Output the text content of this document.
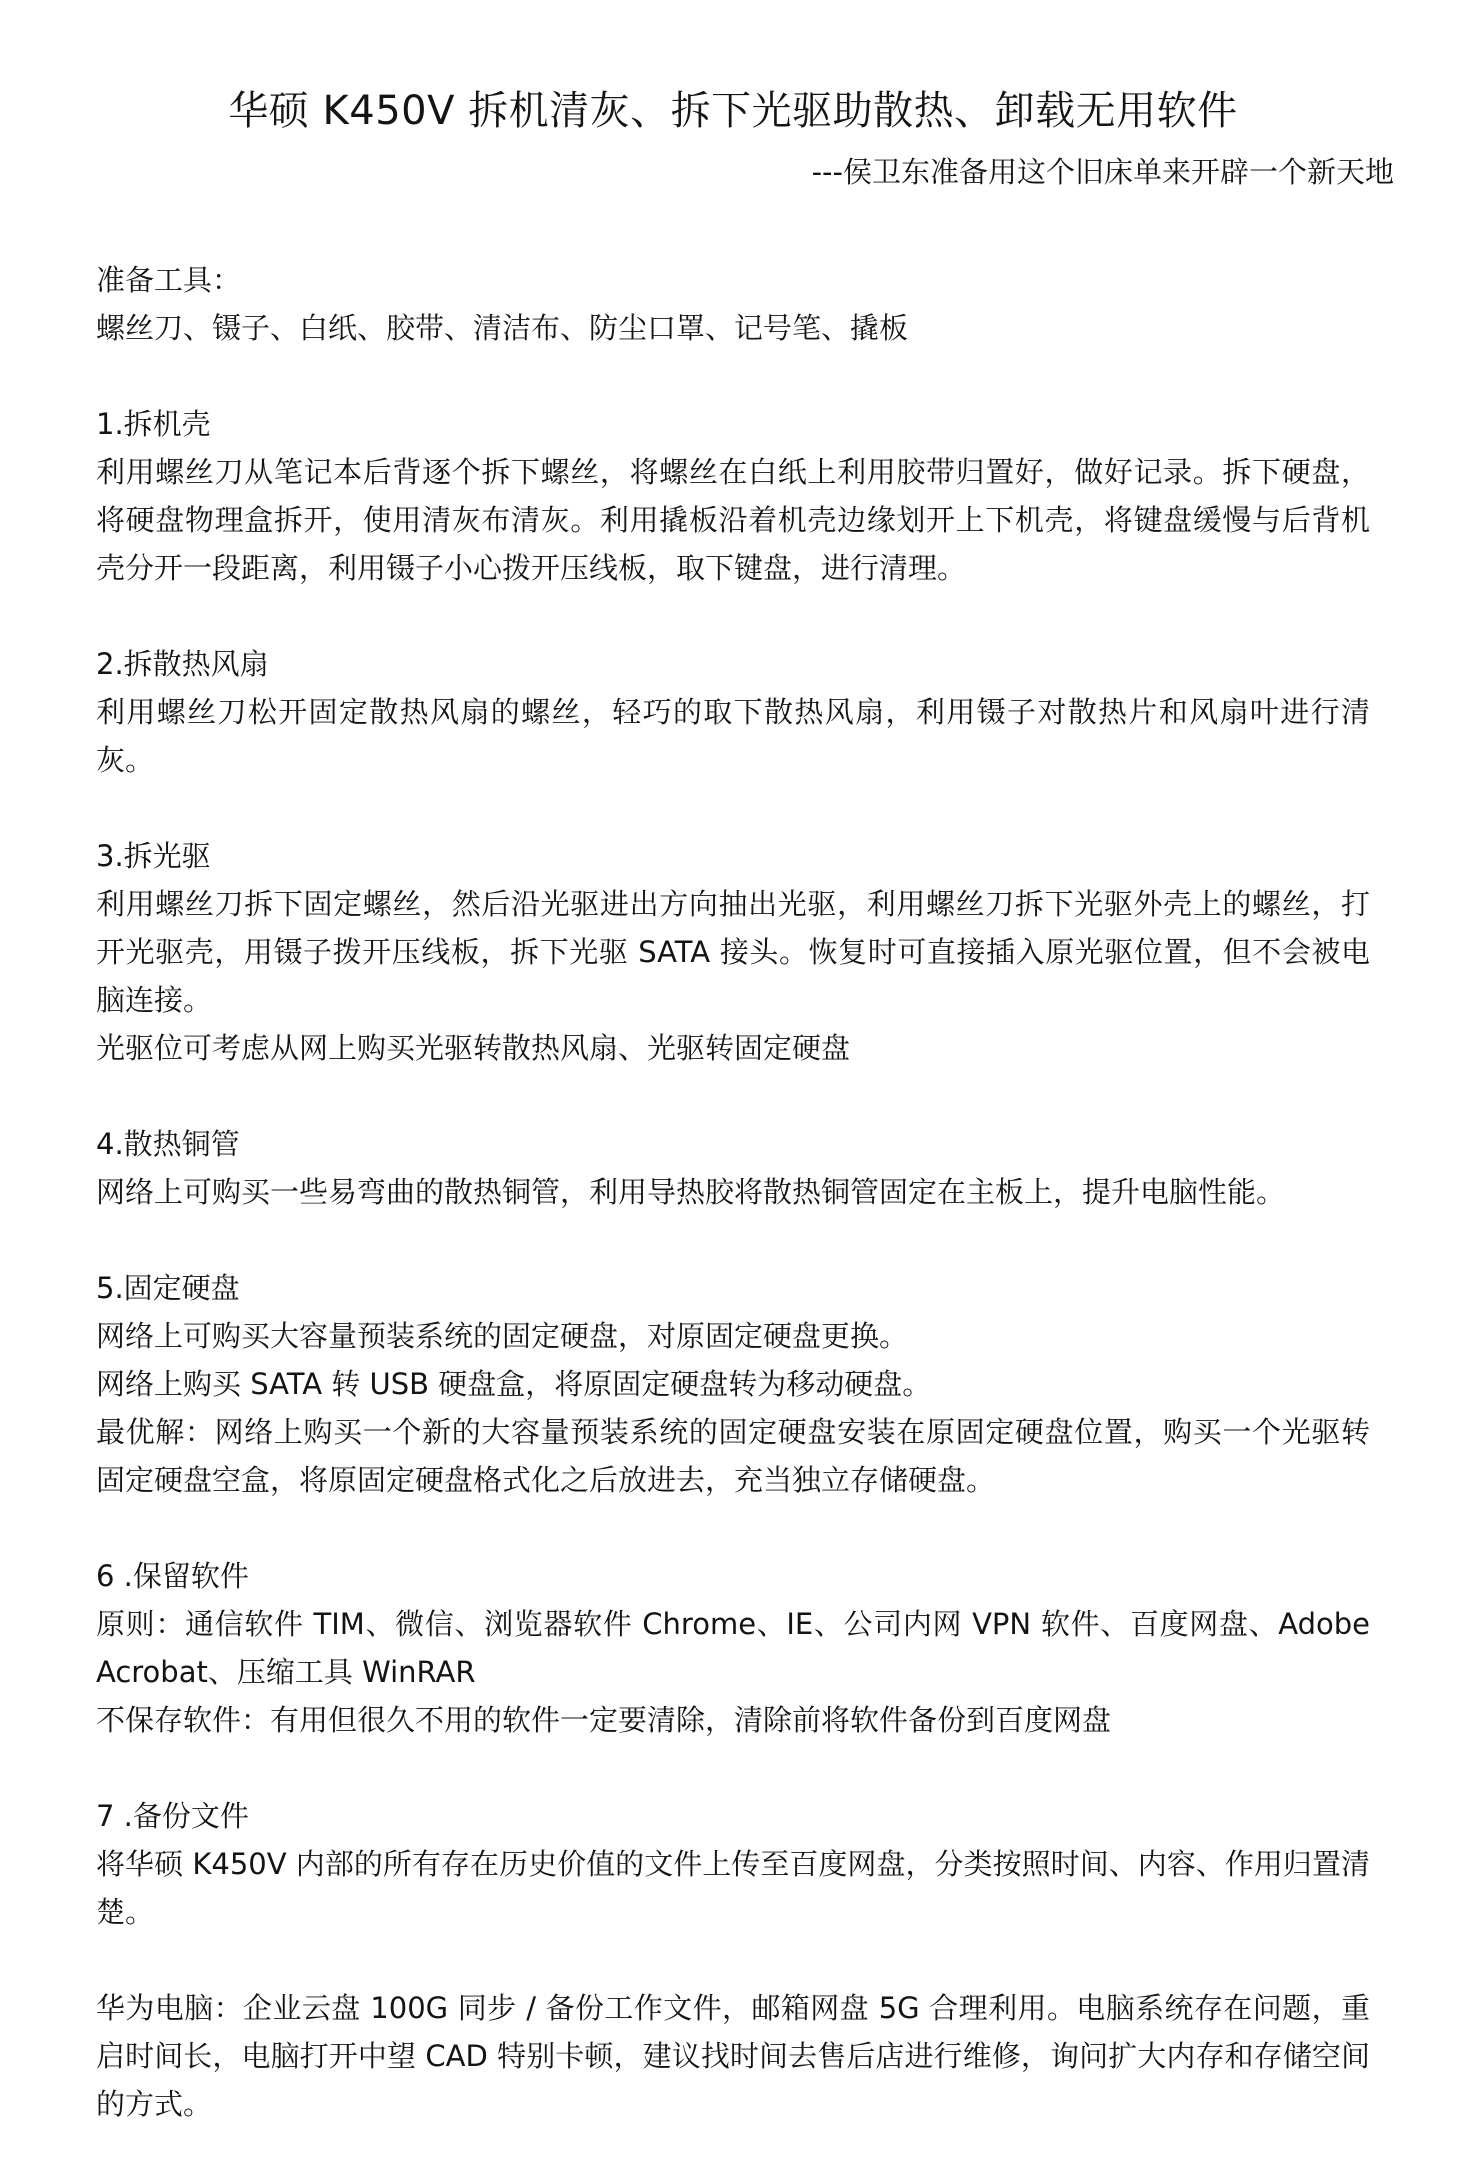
华硕 K450V 拆机清灰、拆下光驱助散热、卸载无用软件
---侯卫东准备用这个旧床单来开辟一个新天地

准备工具：

螺丝刀、镊子、白纸、胶带、清洁布、防尘口罩、记号笔、撬板

1.拆机壳

利用螺丝刀从笔记本后背逐个拆下螺丝，将螺丝在白纸上利用胶带归置好，做好记录。拆下硬盘，将硬盘物理盒拆开，使用清灰布清灰。利用撬板沿着机壳边缘划开上下机壳，将键盘缓慢与后背机壳分开一段距离，利用镊子小心拨开压线板，取下键盘，进行清理。

2.拆散热风扇

利用螺丝刀松开固定散热风扇的螺丝，轻巧的取下散热风扇，利用镊子对散热片和风扇叶进行清灰。

3.拆光驱

利用螺丝刀拆下固定螺丝，然后沿光驱进出方向抽出光驱，利用螺丝刀拆下光驱外壳上的螺丝，打开光驱壳，用镊子拨开压线板，拆下光驱 SATA 接头。恢复时可直接插入原光驱位置，但不会被电脑连接。

光驱位可考虑从网上购买光驱转散热风扇、光驱转固定硬盘

4.散热铜管

网络上可购买一些易弯曲的散热铜管，利用导热胶将散热铜管固定在主板上，提升电脑性能。

5.固定硬盘

网络上可购买大容量预装系统的固定硬盘，对原固定硬盘更换。

网络上购买 SATA 转 USB 硬盘盒，将原固定硬盘转为移动硬盘。

最优解：网络上购买一个新的大容量预装系统的固定硬盘安装在原固定硬盘位置，购买一个光驱转固定硬盘空盒，将原固定硬盘格式化之后放进去，充当独立存储硬盘。

6 .保留软件

原则：通信软件 TIM、微信、浏览器软件 Chrome、IE、公司内网 VPN 软件、百度网盘、Adobe Acrobat、压缩工具 WinRAR

不保存软件：有用但很久不用的软件一定要清除，清除前将软件备份到百度网盘

7 .备份文件

将华硕 K450V 内部的所有存在历史价值的文件上传至百度网盘，分类按照时间、内容、作用归置清楚。

华为电脑：企业云盘 100G 同步 / 备份工作文件，邮箱网盘 5G 合理利用。电脑系统存在问题，重启时间长，电脑打开中望 CAD 特别卡顿，建议找时间去售后店进行维修，询问扩大内存和存储空间的方式。
